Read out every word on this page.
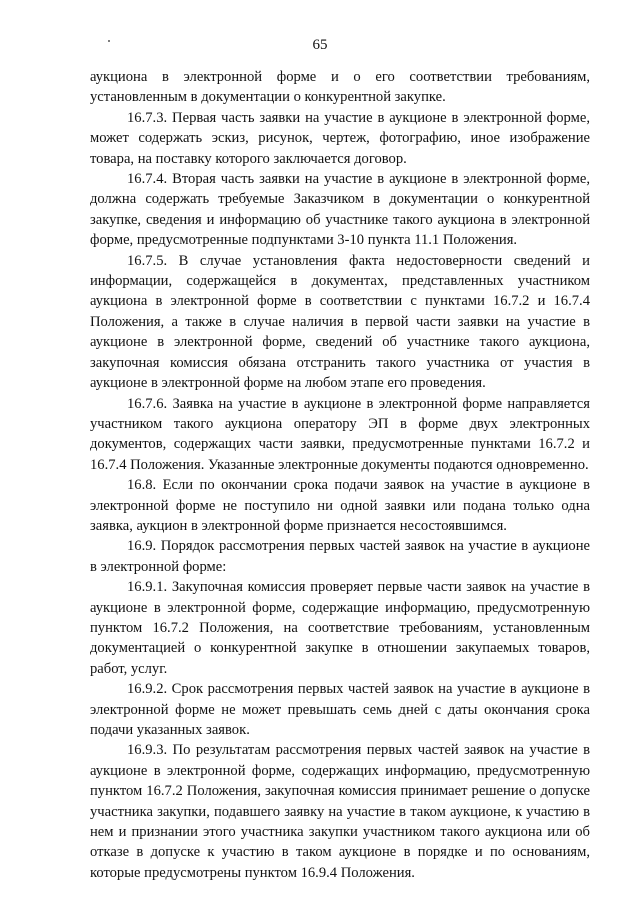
65

аукциона в электронной форме и о его соответствии требованиям, установленным в документации о конкурентной закупке.

16.7.3. Первая часть заявки на участие в аукционе в электронной форме, может содержать эскиз, рисунок, чертеж, фотографию, иное изображение товара, на поставку которого заключается договор.

16.7.4. Вторая часть заявки на участие в аукционе в электронной форме, должна содержать требуемые Заказчиком в документации о конкурентной закупке, сведения и информацию об участнике такого аукциона в электронной форме, предусмотренные подпунктами 3-10 пункта 11.1 Положения.

16.7.5. В случае установления факта недостоверности сведений и информации, содержащейся в документах, представленных участником аукциона в электронной форме в соответствии с пунктами 16.7.2 и 16.7.4 Положения, а также в случае наличия в первой части заявки на участие в аукционе в электронной форме, сведений об участнике такого аукциона, закупочная комиссия обязана отстранить такого участника от участия в аукционе в электронной форме на любом этапе его проведения.

16.7.6. Заявка на участие в аукционе в электронной форме направляется участником такого аукциона оператору ЭП в форме двух электронных документов, содержащих части заявки, предусмотренные пунктами 16.7.2 и 16.7.4 Положения. Указанные электронные документы подаются одновременно.

16.8. Если по окончании срока подачи заявок на участие в аукционе в электронной форме не поступило ни одной заявки или подана только одна заявка, аукцион в электронной форме признается несостоявшимся.

16.9. Порядок рассмотрения первых частей заявок на участие в аукционе в электронной форме:

16.9.1. Закупочная комиссия проверяет первые части заявок на участие в аукционе в электронной форме, содержащие информацию, предусмотренную пунктом 16.7.2 Положения, на соответствие требованиям, установленным документацией о конкурентной закупке в отношении закупаемых товаров, работ, услуг.

16.9.2. Срок рассмотрения первых частей заявок на участие в аукционе в электронной форме не может превышать семь дней с даты окончания срока подачи указанных заявок.

16.9.3. По результатам рассмотрения первых частей заявок на участие в аукционе в электронной форме, содержащих информацию, предусмотренную пунктом 16.7.2 Положения, закупочная комиссия принимает решение о допуске участника закупки, подавшего заявку на участие в таком аукционе, к участию в нем и признании этого участника закупки участником такого аукциона или об отказе в допуске к участию в таком аукционе в порядке и по основаниям, которые предусмотрены пунктом 16.9.4 Положения.
